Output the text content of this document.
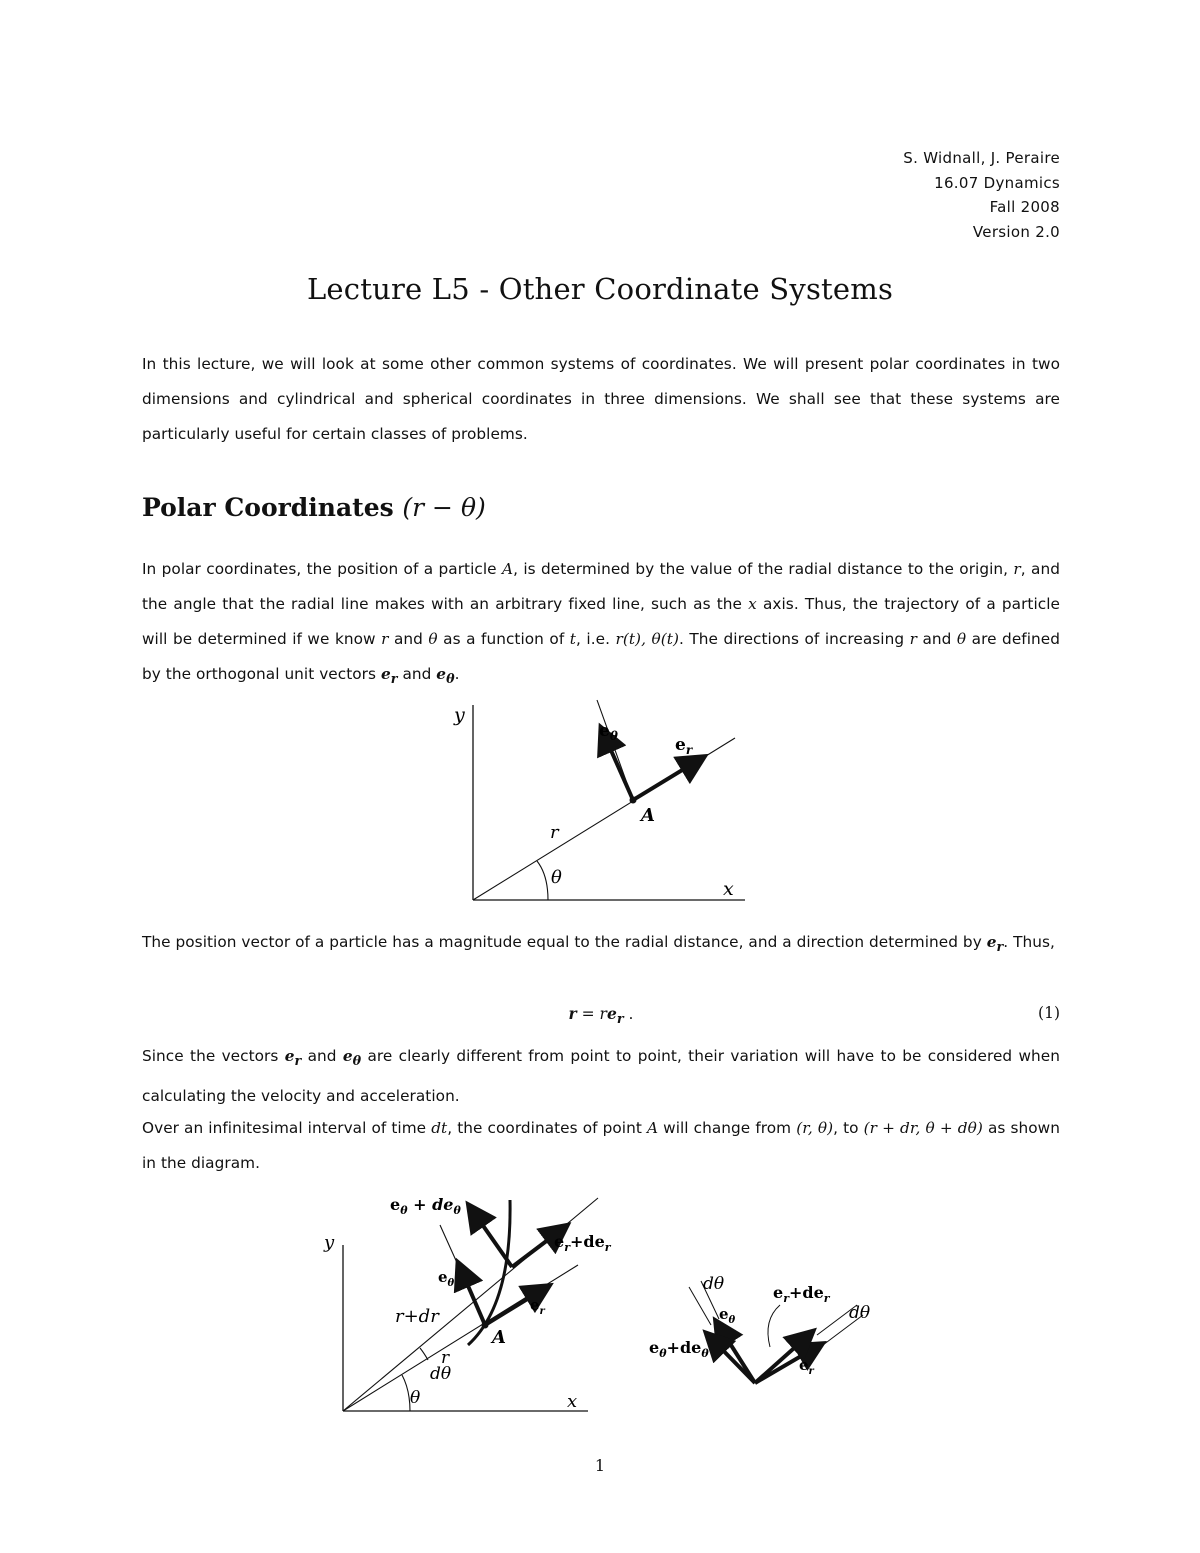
S. Widnall, J. Peraire
16.07 Dynamics
Fall 2008
Version 2.0
Lecture L5 - Other Coordinate Systems
In this lecture, we will look at some other common systems of coordinates. We will present polar coordinates in two dimensions and cylindrical and spherical coordinates in three dimensions. We shall see that these systems are particularly useful for certain classes of problems.
Polar Coordinates (r − θ)
In polar coordinates, the position of a particle A, is determined by the value of the radial distance to the origin, r, and the angle that the radial line makes with an arbitrary fixed line, such as the x axis. Thus, the trajectory of a particle will be determined if we know r and θ as a function of t, i.e. r(t), θ(t). The directions of increasing r and θ are defined by the orthogonal unit vectors $e_r$ and $e_\theta$.
y
x
$e_\theta$	$e_r$
A
r
θ
The position vector of a particle has a magnitude equal to the radial distance, and a direction determined by $e_r$. Thus,
$r = re_r$ .	(1)
Since the vectors $e_r$ and $e_\theta$ are clearly different from point to point, their variation will have to be considered when calculating the velocity and acceleration.
Over an infinitesimal interval of time dt, the coordinates of point A will change from (r, θ), to (r + dr, θ + dθ) as shown in the diagram.
y
x
$e_\theta + de_\theta$
$e_r+de_r$
$e_\theta$
$e_r$
r+dr
r
A
dθ
θ
dθ
$e_\theta$
$e_r+de_r$
dθ
$e_\theta+de_\theta$
$e_r$
1
